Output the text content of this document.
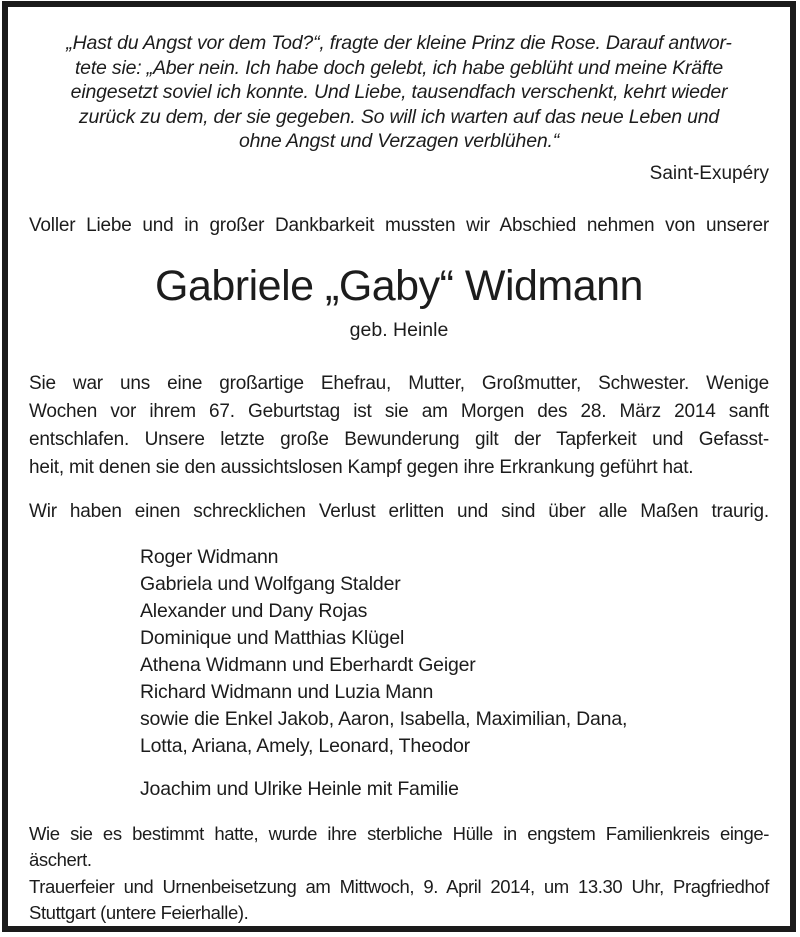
„Hast du Angst vor dem Tod?“, fragte der kleine Prinz die Rose. Darauf antwor-
tete sie: „Aber nein. Ich habe doch gelebt, ich habe geblüht und meine Kräfte
eingesetzt soviel ich konnte. Und Liebe, tausendfach verschenkt, kehrt wieder
zurück zu dem, der sie gegeben. So will ich warten auf das neue Leben und
ohne Angst und Verzagen verblühen.“
Saint-Exupéry
Voller Liebe und in großer Dankbarkeit mussten wir Abschied nehmen von unserer
Gabriele „Gaby“ Widmann
geb. Heinle
Sie war uns eine großartige Ehefrau, Mutter, Großmutter, Schwester. Wenige
Wochen vor ihrem 67. Geburtstag ist sie am Morgen des 28. März 2014 sanft
entschlafen. Unsere letzte große Bewunderung gilt der Tapferkeit und Gefasst-
heit, mit denen sie den aussichtslosen Kampf gegen ihre Erkrankung geführt hat.
Wir haben einen schrecklichen Verlust erlitten und sind über alle Maßen traurig.
Roger Widmann
Gabriela und Wolfgang Stalder
Alexander und Dany Rojas
Dominique und Matthias Klügel
Athena Widmann und Eberhardt Geiger
Richard Widmann und Luzia Mann
sowie die Enkel Jakob, Aaron, Isabella, Maximilian, Dana,
Lotta, Ariana, Amely, Leonard, Theodor
Joachim und Ulrike Heinle mit Familie
Wie sie es bestimmt hatte, wurde ihre sterbliche Hülle in engstem Familienkreis einge-
äschert.
Trauerfeier und Urnenbeisetzung am Mittwoch, 9. April 2014, um 13.30 Uhr, Pragfriedhof
Stuttgart (untere Feierhalle).
